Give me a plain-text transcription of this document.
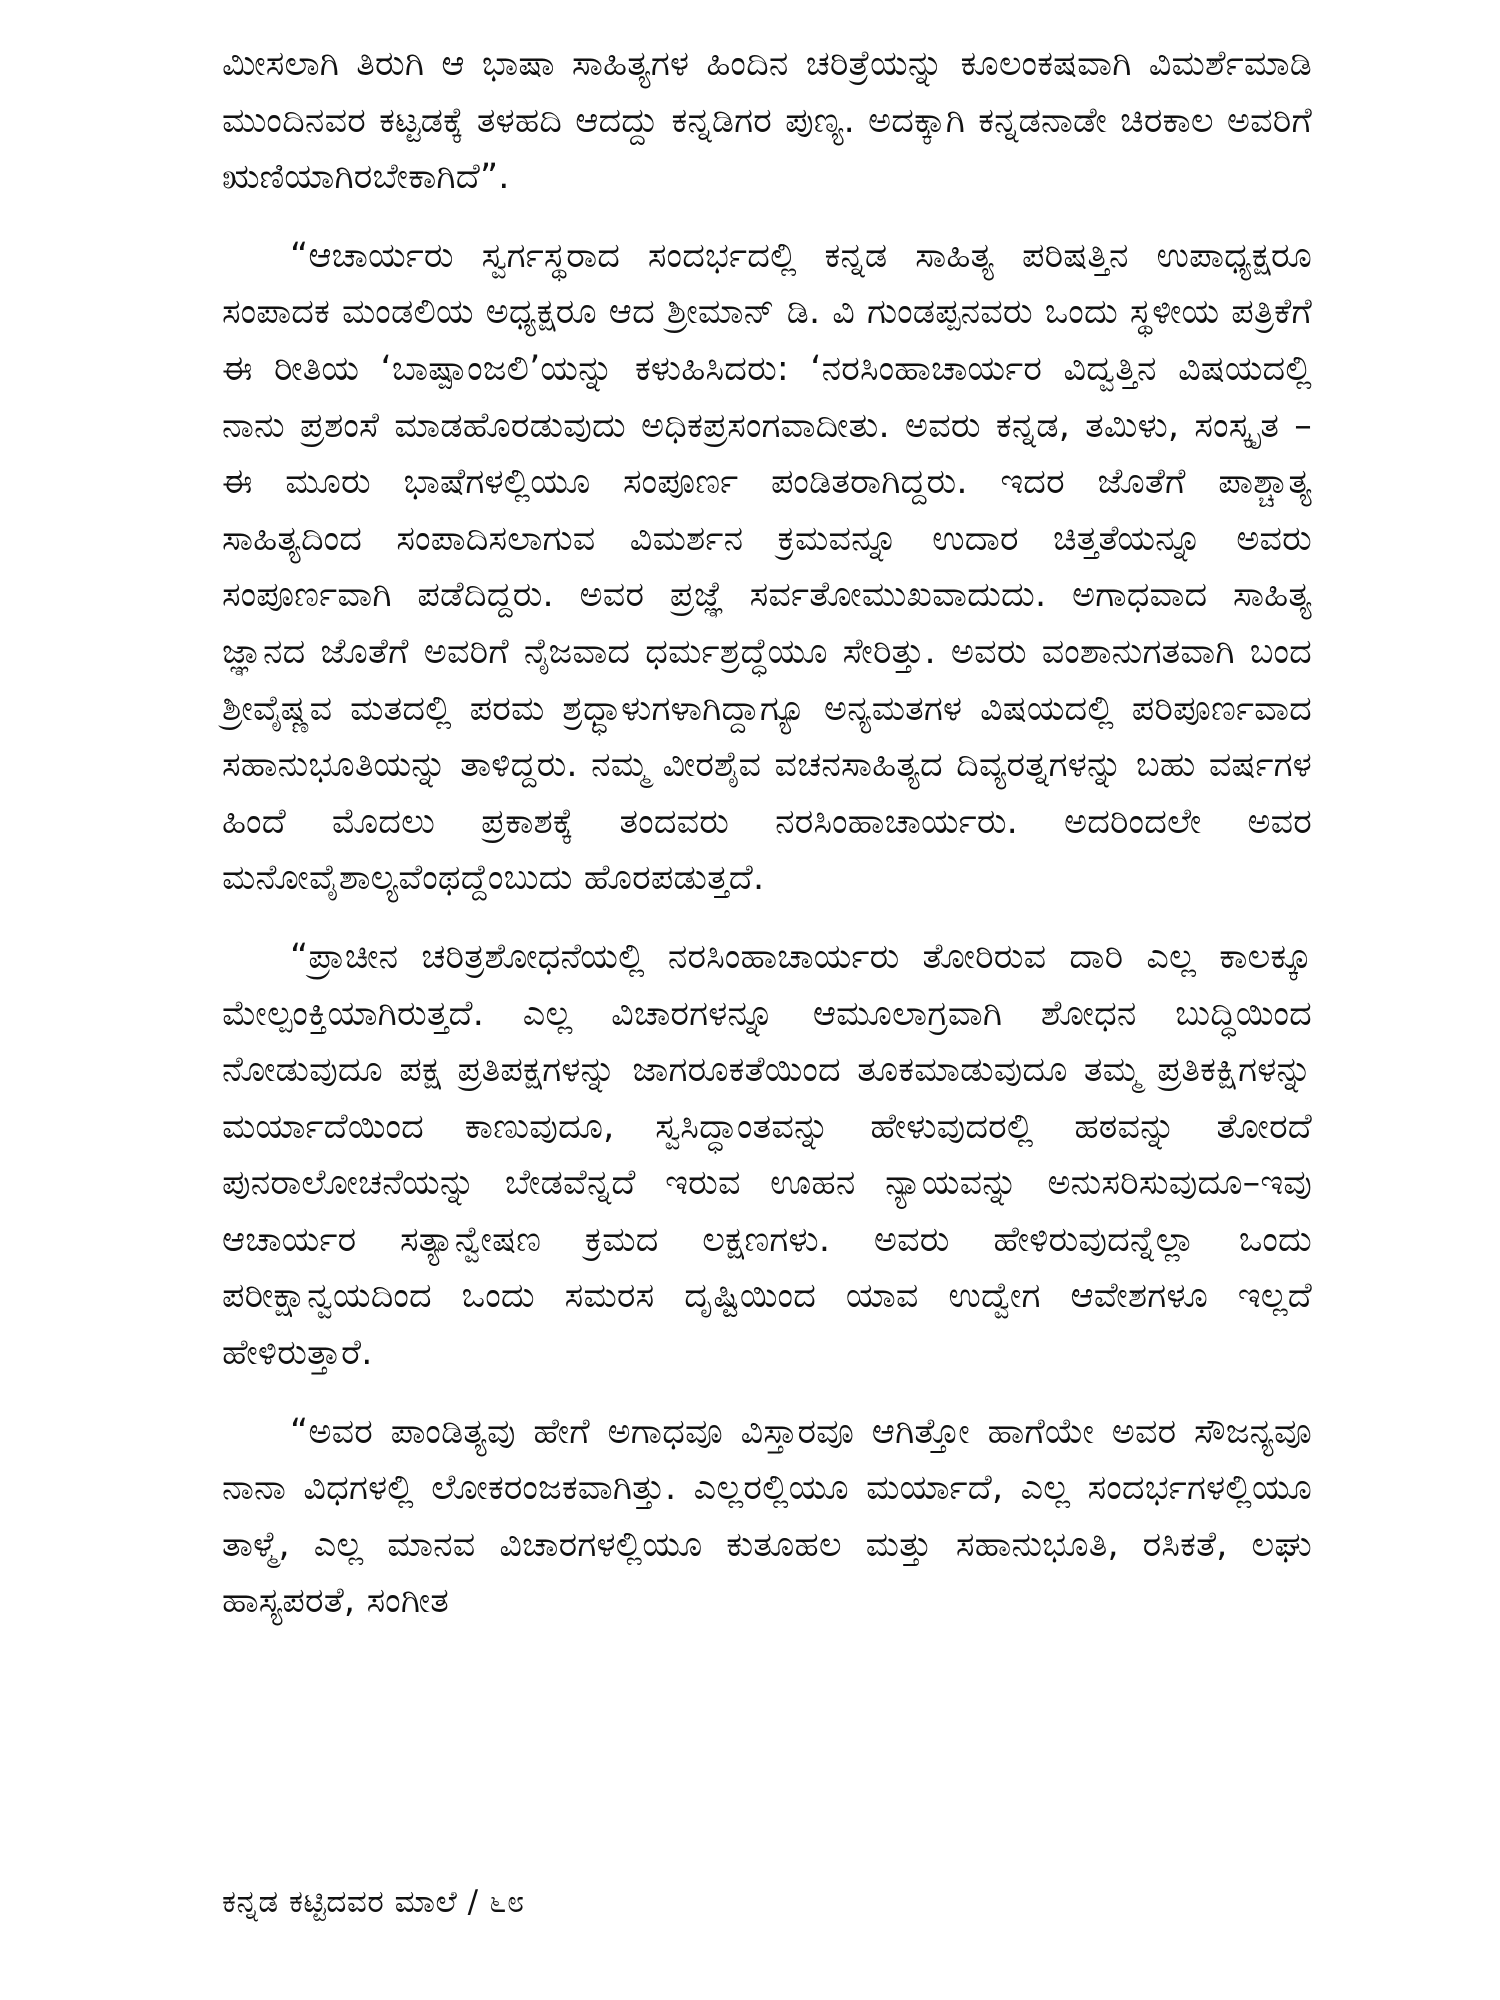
ಮೀಸಲಾಗಿ ತಿರುಗಿ ಆ ಭಾಷಾ ಸಾಹಿತ್ಯಗಳ ಹಿಂದಿನ ಚರಿತ್ರೆಯನ್ನು ಕೂಲಂಕಷವಾಗಿ ವಿಮರ್ಶೆಮಾಡಿ ಮುಂದಿನವರ ಕಟ್ಟಡಕ್ಕೆ ತಳಹದಿ ಆದದ್ದು ಕನ್ನಡಿಗರ ಪುಣ್ಯ. ಅದಕ್ಕಾಗಿ ಕನ್ನಡನಾಡೇ ಚಿರಕಾಲ ಅವರಿಗೆ ಋಣಿಯಾಗಿರಬೇಕಾಗಿದೆ”.

“ಆಚಾರ್ಯರು ಸ್ವರ್ಗಸ್ಥರಾದ ಸಂದರ್ಭದಲ್ಲಿ ಕನ್ನಡ ಸಾಹಿತ್ಯ ಪರಿಷತ್ತಿನ ಉಪಾಧ್ಯಕ್ಷರೂ ಸಂಪಾದಕ ಮಂಡಲಿಯ ಅಧ್ಯಕ್ಷರೂ ಆದ ಶ್ರೀಮಾನ್ ಡಿ. ವಿ ಗುಂಡಪ್ಪನವರು ಒಂದು ಸ್ಥಳೀಯ ಪತ್ರಿಕೆಗೆ ಈ ರೀತಿಯ ‘ಬಾಷ್ಪಾಂಜಲಿ’ಯನ್ನು ಕಳುಹಿಸಿದರು: ‘ನರಸಿಂಹಾಚಾರ್ಯರ ವಿದ್ವತ್ತಿನ ವಿಷಯದಲ್ಲಿ ನಾನು ಪ್ರಶಂಸೆ ಮಾಡಹೊರಡುವುದು ಅಧಿಕಪ್ರಸಂಗವಾದೀತು. ಅವರು ಕನ್ನಡ, ತಮಿಳು, ಸಂಸ್ಕೃತ – ಈ ಮೂರು ಭಾಷೆಗಳಲ್ಲಿಯೂ ಸಂಪೂರ್ಣ ಪಂಡಿತರಾಗಿದ್ದರು. ಇದರ ಜೊತೆಗೆ ಪಾಶ್ಚಾತ್ಯ ಸಾಹಿತ್ಯದಿಂದ ಸಂಪಾದಿಸಲಾಗುವ ವಿಮರ್ಶನ ಕ್ರಮವನ್ನೂ ಉದಾರ ಚಿತ್ತತೆಯನ್ನೂ ಅವರು ಸಂಪೂರ್ಣವಾಗಿ ಪಡೆದಿದ್ದರು. ಅವರ ಪ್ರಜ್ಞೆ ಸರ್ವತೋಮುಖವಾದುದು. ಅಗಾಧವಾದ ಸಾಹಿತ್ಯ ಜ್ಞಾನದ ಜೊತೆಗೆ ಅವರಿಗೆ ನೈಜವಾದ ಧರ್ಮಶ್ರದ್ಧೆಯೂ ಸೇರಿತ್ತು. ಅವರು ವಂಶಾನುಗತವಾಗಿ ಬಂದ ಶ್ರೀವೈಷ್ಣವ ಮತದಲ್ಲಿ ಪರಮ ಶ್ರಧ್ಧಾಳುಗಳಾಗಿದ್ದಾಗ್ಯೂ ಅನ್ಯಮತಗಳ ವಿಷಯದಲ್ಲಿ ಪರಿಪೂರ್ಣವಾದ ಸಹಾನುಭೂತಿಯನ್ನು ತಾಳಿದ್ದರು. ನಮ್ಮ ವೀರಶೈವ ವಚನಸಾಹಿತ್ಯದ ದಿವ್ಯರತ್ನಗಳನ್ನು ಬಹು ವರ್ಷಗಳ ಹಿಂದೆ ಮೊದಲು ಪ್ರಕಾಶಕ್ಕೆ ತಂದವರು ನರಸಿಂಹಾಚಾರ್ಯರು. ಅದರಿಂದಲೇ ಅವರ ಮನೋವೈಶಾಲ್ಯವೆಂಥದ್ದೆಂಬುದು ಹೊರಪಡುತ್ತದೆ.

“ಪ್ರಾಚೀನ ಚರಿತ್ರಶೋಧನೆಯಲ್ಲಿ ನರಸಿಂಹಾಚಾರ್ಯರು ತೋರಿರುವ ದಾರಿ ಎಲ್ಲ ಕಾಲಕ್ಕೂ ಮೇಲ್ಪಂಕ್ತಿಯಾಗಿರುತ್ತದೆ. ಎಲ್ಲ ವಿಚಾರಗಳನ್ನೂ ಆಮೂಲಾಗ್ರವಾಗಿ ಶೋಧನ ಬುದ್ಧಿಯಿಂದ ನೋಡುವುದೂ ಪಕ್ಷ ಪ್ರತಿಪಕ್ಷಗಳನ್ನು ಜಾಗರೂಕತೆಯಿಂದ ತೂಕಮಾಡುವುದೂ ತಮ್ಮ ಪ್ರತಿಕಕ್ಷಿಗಳನ್ನು ಮರ್ಯಾದೆಯಿಂದ ಕಾಣುವುದೂ, ಸ್ವಸಿದ್ಧಾಂತವನ್ನು ಹೇಳುವುದರಲ್ಲಿ ಹಠವನ್ನು ತೋರದೆ ಪುನರಾಲೋಚನೆಯನ್ನು ಬೇಡವೆನ್ನದೆ ಇರುವ ಊಹನ ನ್ಯಾಯವನ್ನು ಅನುಸರಿಸುವುದೂ–ಇವು ಆಚಾರ್ಯರ ಸತ್ಯಾನ್ವೇಷಣ ಕ್ರಮದ ಲಕ್ಷಣಗಳು. ಅವರು ಹೇಳಿರುವುದನ್ನೆಲ್ಲಾ ಒಂದು ಪರೀಕ್ಷಾನ್ವಯದಿಂದ ಒಂದು ಸಮರಸ ದೃಷ್ಟಿಯಿಂದ ಯಾವ ಉದ್ವೇಗ ಆವೇಶಗಳೂ ಇಲ್ಲದೆ ಹೇಳಿರುತ್ತಾರೆ.

“ಅವರ ಪಾಂಡಿತ್ಯವು ಹೇಗೆ ಅಗಾಧವೂ ವಿಸ್ತಾರವೂ ಆಗಿತ್ತೋ ಹಾಗೆಯೇ ಅವರ ಸೌಜನ್ಯವೂ ನಾನಾ ವಿಧಗಳಲ್ಲಿ ಲೋಕರಂಜಕವಾಗಿತ್ತು. ಎಲ್ಲರಲ್ಲಿಯೂ ಮರ್ಯಾದೆ, ಎಲ್ಲ ಸಂದರ್ಭಗಳಲ್ಲಿಯೂ ತಾಳ್ಮೆ, ಎಲ್ಲ ಮಾನವ ವಿಚಾರಗಳಲ್ಲಿಯೂ ಕುತೂಹಲ ಮತ್ತು ಸಹಾನುಭೂತಿ, ರಸಿಕತೆ, ಲಘು ಹಾಸ್ಯಪರತೆ, ಸಂಗೀತ

ಕನ್ನಡ ಕಟ್ಟಿದವರ ಮಾಲೆ / ೬೮
